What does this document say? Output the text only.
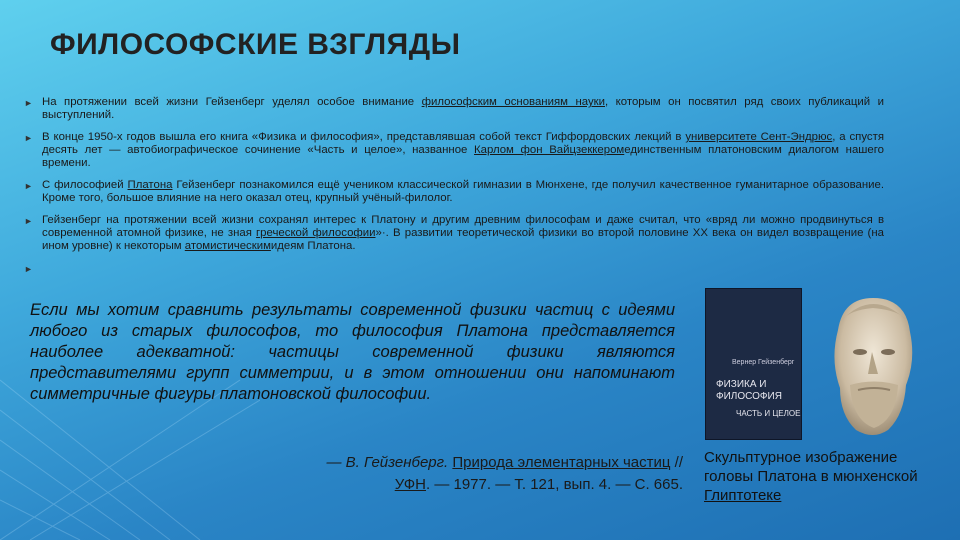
ФИЛОСОФСКИЕ ВЗГЛЯДЫ
► На протяжении всей жизни Гейзенберг уделял особое внимание философским основаниям науки, которым он посвятил ряд своих публикаций и выступлений.
► В конце 1950-х годов вышла его книга «Физика и философия», представлявшая собой текст Гиффордовских лекций в университете Сент-Эндрюс, а спустя десять лет — автобиографическое сочинение «Часть и целое», названное Карлом фон Вайцзеккеромединственным платоновским диалогом нашего времени.
► С философией Платона Гейзенберг познакомился ещё учеником классической гимназии в Мюнхене, где получил качественное гуманитарное образование. Кроме того, большое влияние на него оказал отец, крупный учёный-филолог.
► Гейзенберг на протяжении всей жизни сохранял интерес к Платону и другим древним философам и даже считал, что «вряд ли можно продвинуться в современной атомной физике, не зная греческой философии»·. В развитии теоретической физики во второй половине XX века он видел возвращение (на ином уровне) к некоторым атомистическимидеям Платона.
►

Если мы хотим сравнить результаты современной физики частиц с идеями любого из старых философов, то философия Платона представляется наиболее адекватной: частицы современной физики являются представителями групп симметрии, и в этом отношении они напоминают симметричные фигуры платоновской философии.
— В. Гейзенберг. Природа элементарных частиц // УФН. — 1977. — Т. 121, вып. 4. — С. 665.
Вернер Гейзенберг
ФИЗИКА И ФИЛОСОФИЯ
ЧАСТЬ И ЦЕЛОЕ
Скульптурное изображение головы Платона в мюнхенской Глиптотеке
